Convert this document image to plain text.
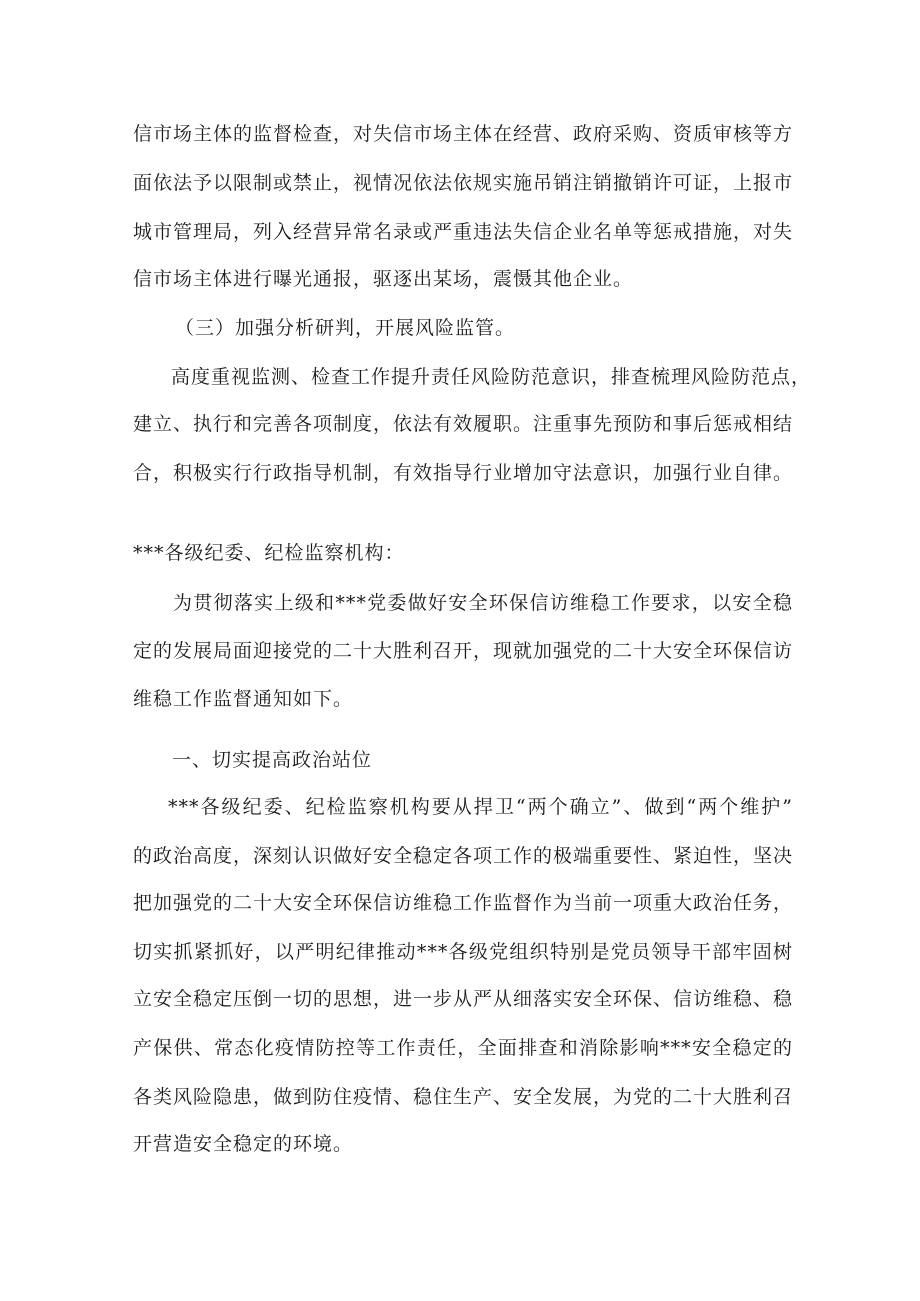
信市场主体的监督检查，对失信市场主体在经营、政府采购、资质审核等方
面依法予以限制或禁止，视情况依法依规实施吊销注销撤销许可证，上报市
城市管理局，列入经营异常名录或严重违法失信企业名单等惩戒措施，对失
信市场主体进行曝光通报，驱逐出某场，震慑其他企业。
（三）加强分析研判，开展风险监管。
高度重视监测、检查工作提升责任风险防范意识，排查梳理风险防范点，
建立、执行和完善各项制度，依法有效履职。注重事先预防和事后惩戒相结
合，积极实行行政指导机制，有效指导行业增加守法意识，加强行业自律。
***各级纪委、纪检监察机构：
为贯彻落实上级和***党委做好安全环保信访维稳工作要求，以安全稳
定的发展局面迎接党的二十大胜利召开，现就加强党的二十大安全环保信访
维稳工作监督通知如下。
一、切实提高政治站位
***各级纪委、纪检监察机构要从捍卫“两个确立”、做到“两个维护”
的政治高度，深刻认识做好安全稳定各项工作的极端重要性、紧迫性，坚决
把加强党的二十大安全环保信访维稳工作监督作为当前一项重大政治任务，
切实抓紧抓好，以严明纪律推动***各级党组织特别是党员领导干部牢固树
立安全稳定压倒一切的思想，进一步从严从细落实安全环保、信访维稳、稳
产保供、常态化疫情防控等工作责任，全面排查和消除影响***安全稳定的
各类风险隐患，做到防住疫情、稳住生产、安全发展，为党的二十大胜利召
开营造安全稳定的环境。
